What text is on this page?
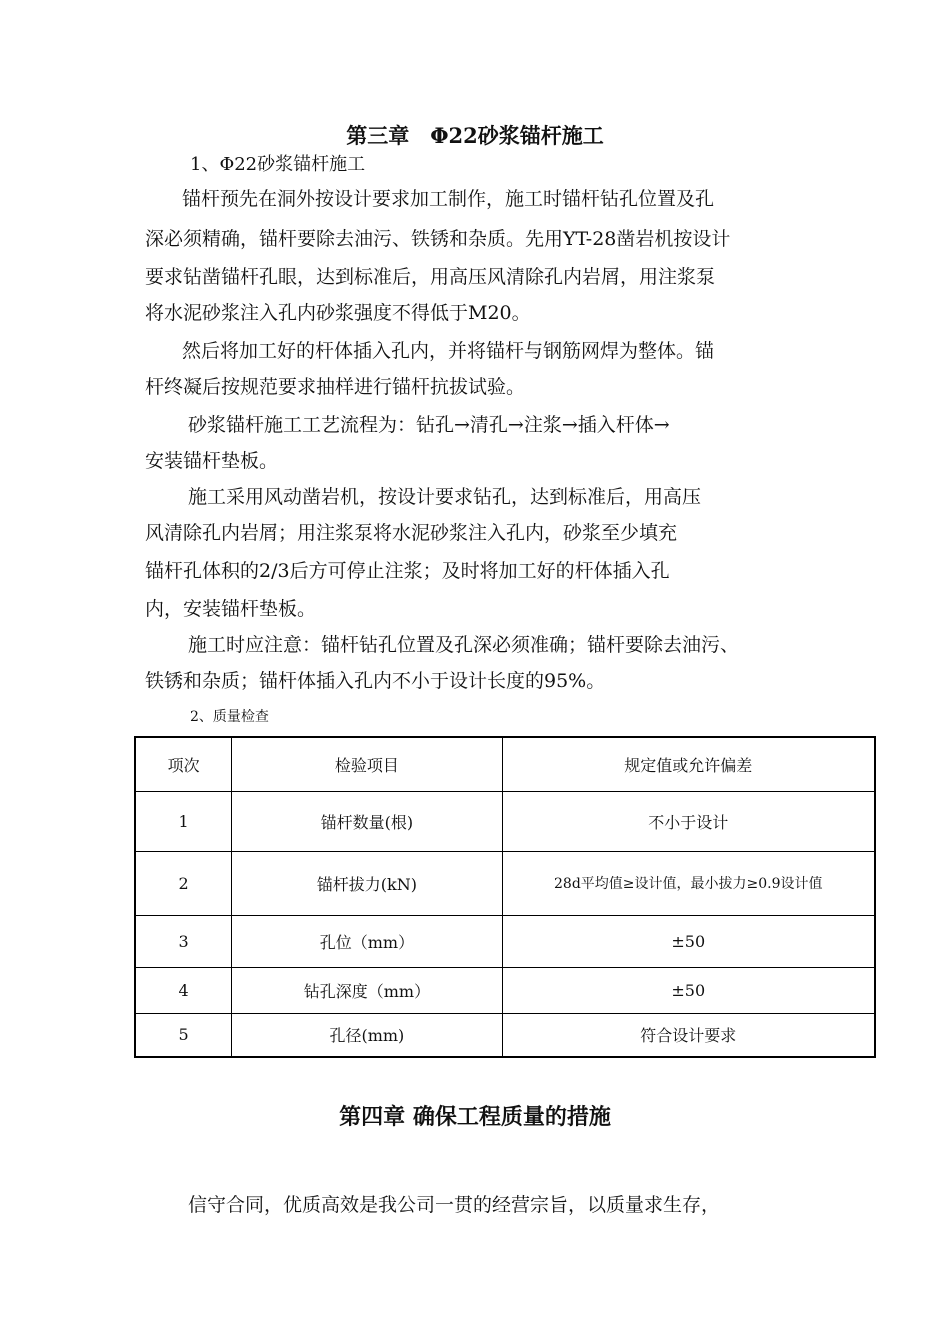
第三章　Φ22砂浆锚杆施工
1、Φ22砂浆锚杆施工
锚杆预先在洞外按设计要求加工制作，施工时锚杆钻孔位置及孔
深必须精确，锚杆要除去油污、铁锈和杂质。先用YT-28凿岩机按设计
要求钻凿锚杆孔眼，达到标准后，用高压风清除孔内岩屑，用注浆泵
将水泥砂浆注入孔内砂浆强度不得低于M20。
然后将加工好的杆体插入孔内，并将锚杆与钢筋网焊为整体。锚
杆终凝后按规范要求抽样进行锚杆抗拔试验。
砂浆锚杆施工工艺流程为：钻孔→清孔→注浆→插入杆体→
安装锚杆垫板。
施工采用风动凿岩机，按设计要求钻孔，达到标准后，用高压
风清除孔内岩屑；用注浆泵将水泥砂浆注入孔内，砂浆至少填充
锚杆孔体积的2/3后方可停止注浆；及时将加工好的杆体插入孔
内，安装锚杆垫板。
施工时应注意：锚杆钻孔位置及孔深必须准确；锚杆要除去油污、
铁锈和杂质；锚杆体插入孔内不小于设计长度的95%。
2、质量检查
项次	检验项目	规定值或允许偏差
1	锚杆数量(根)	不小于设计
2	锚杆拔力(kN)	28d平均值≥设计值，最小拔力≥0.9设计值
3	孔位（mm）	±50
4	钻孔深度（mm）	±50
5	孔径(mm)	符合设计要求
第四章 确保工程质量的措施
信守合同，优质高效是我公司一贯的经营宗旨，以质量求生存，
